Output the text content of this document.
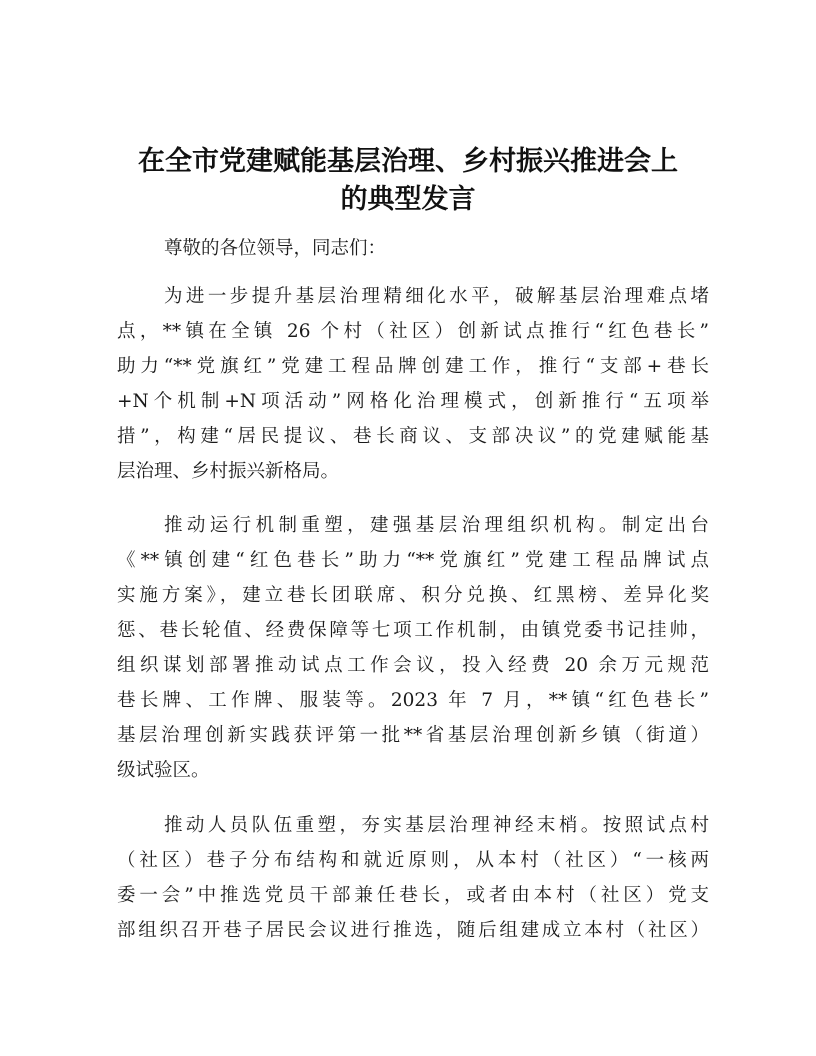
在全市党建赋能基层治理、乡村振兴推进会上
的典型发言
尊敬的各位领导，同志们：
为进一步提升基层治理精细化水平，破解基层治理难点堵
点，**镇在全镇 26 个村（社区）创新试点推行“红色巷长”
助力“**党旗红”党建工程品牌创建工作，推行“支部+巷长
+N个机制+N项活动”网格化治理模式，创新推行“五项举
措”，构建“居民提议、巷长商议、支部决议”的党建赋能基
层治理、乡村振兴新格局。
推动运行机制重塑，建强基层治理组织机构。制定出台
《**镇创建“红色巷长”助力“**党旗红”党建工程品牌试点
实施方案》，建立巷长团联席、积分兑换、红黑榜、差异化奖
惩、巷长轮值、经费保障等七项工作机制，由镇党委书记挂帅，
组织谋划部署推动试点工作会议，投入经费 20 余万元规范
巷长牌、工作牌、服装等。2023 年 7 月，**镇“红色巷长”
基层治理创新实践获评第一批**省基层治理创新乡镇（街道）
级试验区。
推动人员队伍重塑，夯实基层治理神经末梢。按照试点村
（社区）巷子分布结构和就近原则，从本村（社区）“一核两
委一会”中推选党员干部兼任巷长，或者由本村（社区）党支
部组织召开巷子居民会议进行推选，随后组建成立本村（社区）
